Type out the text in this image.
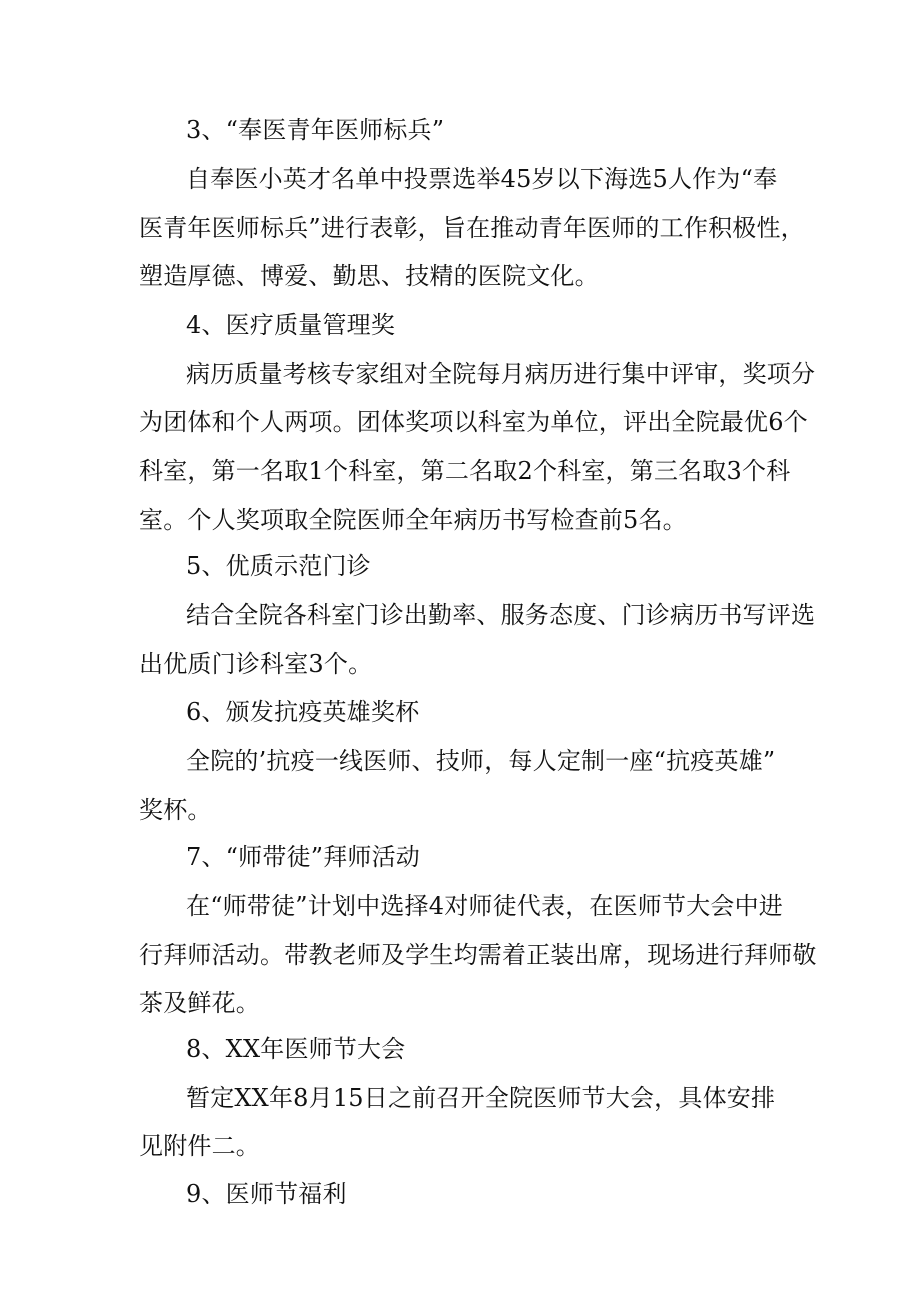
3、“奉医青年医师标兵”
自奉医小英才名单中投票选举45岁以下海选5人作为“奉
医青年医师标兵”进行表彰，旨在推动青年医师的工作积极性，
塑造厚德、博爱、勤思、技精的医院文化。
4、医疗质量管理奖
病历质量考核专家组对全院每月病历进行集中评审，奖项分
为团体和个人两项。团体奖项以科室为单位，评出全院最优6个
科室，第一名取1个科室，第二名取2个科室，第三名取3个科
室。个人奖项取全院医师全年病历书写检查前5名。
5、优质示范门诊
结合全院各科室门诊出勤率、服务态度、门诊病历书写评选
出优质门诊科室3个。
6、颁发抗疫英雄奖杯
全院的’抗疫一线医师、技师，每人定制一座“抗疫英雄”
奖杯。
7、“师带徒”拜师活动
在“师带徒”计划中选择4对师徒代表，在医师节大会中进
行拜师活动。带教老师及学生均需着正装出席，现场进行拜师敬
茶及鲜花。
8、XX年医师节大会
暂定XX年8月15日之前召开全院医师节大会，具体安排
见附件二。
9、医师节福利
